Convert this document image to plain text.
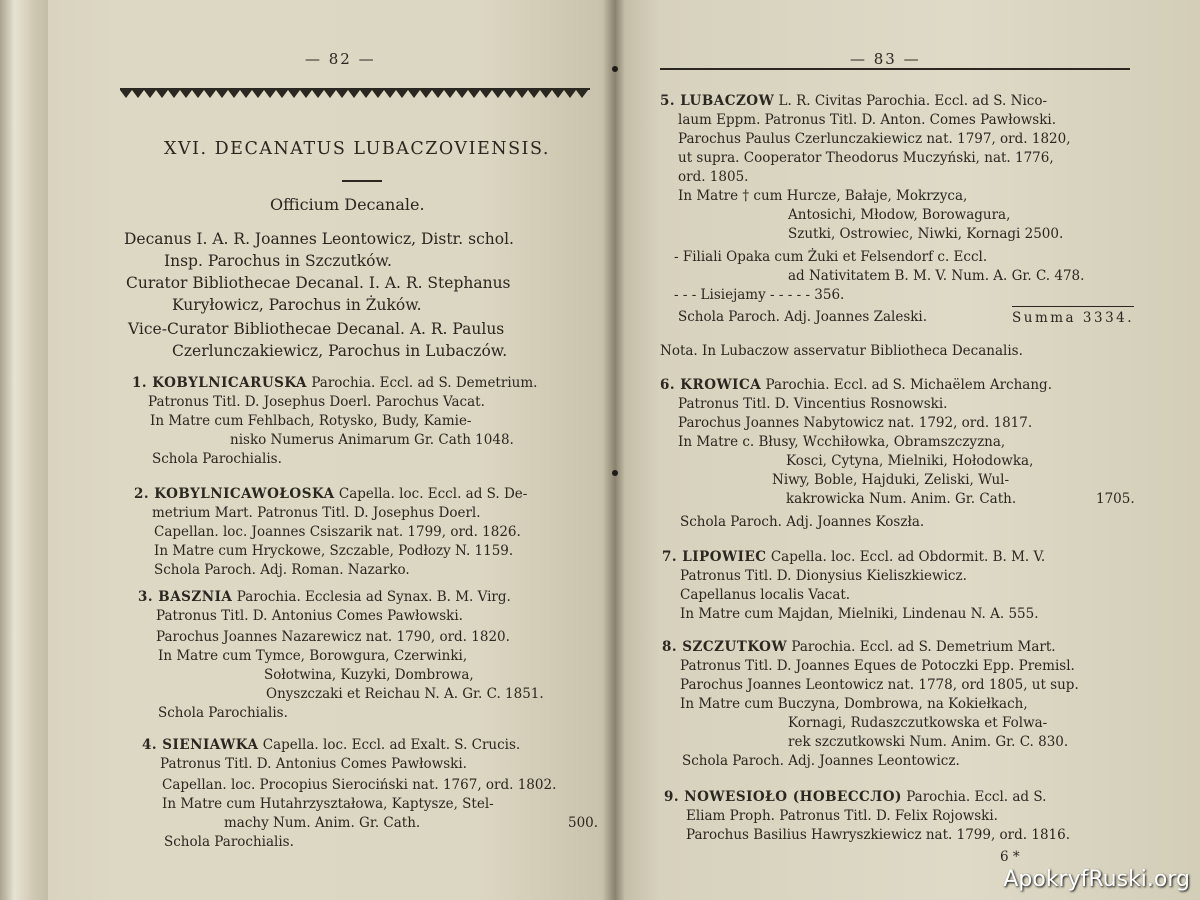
— 82 —
XVI. DECANATUS LUBACZOVIENSIS.
Officium Decanale.
Decanus I. A. R. Joannes Leontowicz, Distr. schol.
Insp. Parochus in Szczutków.
Curator Bibliothecae Decanal. I. A. R. Stephanus
Kuryłowicz, Parochus in Żuków.
Vice-Curator Bibliothecae Decanal. A. R. Paulus
Czerlunczakiewicz, Parochus in Lubaczów.
1. KOBYLNICARUSKA Parochia. Eccl. ad S. Demetrium.
Patronus Titl. D. Josephus Doerl. Parochus Vacat.
In Matre cum Fehlbach, Rotysko, Budy, Kamie-
nisko Numerus Animarum Gr. Cath 1048.
Schola Parochialis.
2. KOBYLNICAWOŁOSKA Capella. loc. Eccl. ad S. De-
metrium Mart. Patronus Titl. D. Josephus Doerl.
Capellan. loc. Joannes Csiszarik nat. 1799, ord. 1826.
In Matre cum Hryckowe, Szczable, Podłozy N. 1159.
Schola Paroch. Adj. Roman. Nazarko.
3. BASZNIA Parochia. Ecclesia ad Synax. B. M. Virg.
Patronus Titl. D. Antonius Comes Pawłowski.
Parochus Joannes Nazarewicz nat. 1790, ord. 1820.
In Matre cum Tymce, Borowgura, Czerwinki,
Sołotwina, Kuzyki, Dombrowa,
Onyszczaki et Reichau N. A. Gr. C. 1851.
Schola Parochialis.
4. SIENIAWKA Capella. loc. Eccl. ad Exalt. S. Crucis.
Patronus Titl. D. Antonius Comes Pawłowski.
Capellan. loc. Procopius Sierociński nat. 1767, ord. 1802.
In Matre cum Hutahrzyształowa, Kaptysze, Stel-
machy Num. Anim. Gr. Cath.	500.
Schola Parochialis.
— 83 —
5. LUBACZOW L. R. Civitas Parochia. Eccl. ad S. Nico-
laum Eppm. Patronus Titl. D. Anton. Comes Pawłowski.
Parochus Paulus Czerlunczakiewicz nat. 1797, ord. 1820,
ut supra. Cooperator Theodorus Muczyński, nat. 1776,
ord. 1805.
In Matre † cum Hurcze, Bałaje, Mokrzyca,
Antosichi, Młodow, Borowagura,
Szutki, Ostrowiec, Niwki, Kornagi 2500.
- Filiali Opaka cum Żuki et Felsendorf c. Eccl.
ad Nativitatem B. M. V. Num. A. Gr. C. 478.
- - - Lisiejamy - - - - - 356.
Schola Paroch. Adj. Joannes Zaleski.	Summa 3334.
Nota. In Lubaczow asservatur Bibliotheca Decanalis.
6. KROWICA Parochia. Eccl. ad S. Michaëlem Archang.
Patronus Titl. D. Vincentius Rosnowski.
Parochus Joannes Nabytowicz nat. 1792, ord. 1817.
In Matre c. Błusy, Wcchiłowka, Obramszczyzna,
Kosci, Cytyna, Mielniki, Hołodowka,
Niwy, Boble, Hajduki, Zeliski, Wul-
kakrowicka Num. Anim. Gr. Cath.	1705.
Schola Paroch. Adj. Joannes Koszła.
7. LIPOWIEC Capella. loc. Eccl. ad Obdormit. B. M. V.
Patronus Titl. D. Dionysius Kieliszkiewicz.
Capellanus localis Vacat.
In Matre cum Majdan, Mielniki, Lindenau N. A. 555.
8. SZCZUTKOW Parochia. Eccl. ad S. Demetrium Mart.
Patronus Titl. D. Joannes Eques de Potoczki Epp. Premisl.
Parochus Joannes Leontowicz nat. 1778, ord 1805, ut sup.
In Matre cum Buczyna, Dombrowa, na Kokiełkach,
Kornagi, Rudaszczutkowska et Folwa-
rek szczutkowski Num. Anim. Gr. C. 830.
Schola Paroch. Adj. Joannes Leontowicz.
9. NOWESIOŁO (НОВЕССЛО) Parochia. Eccl. ad S.
Eliam Proph. Patronus Titl. D. Felix Rojowski.
Parochus Basilius Hawryszkiewicz nat. 1799, ord. 1816.
6 *
ApokryfRuski.org
